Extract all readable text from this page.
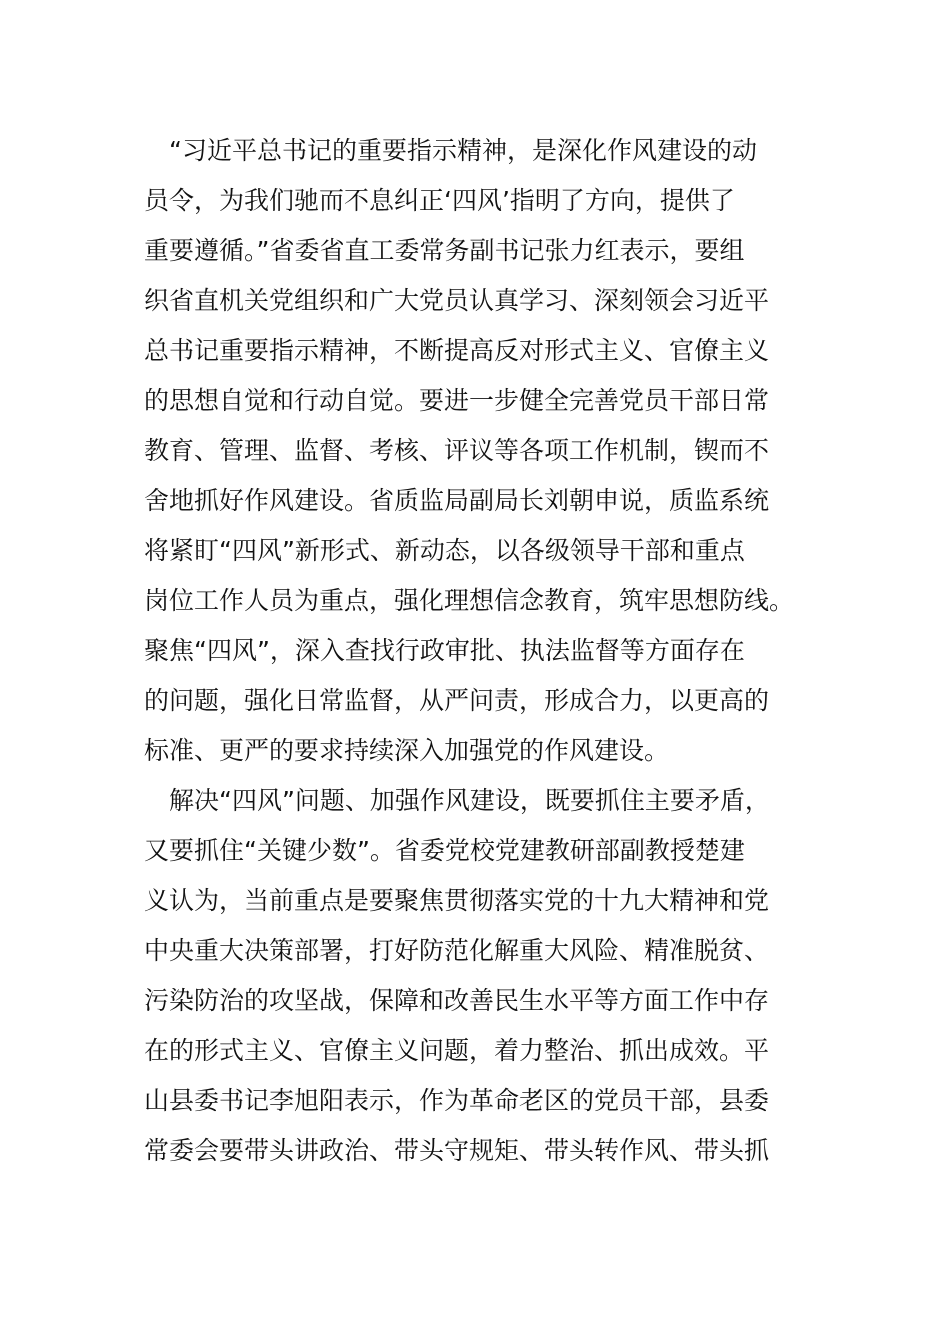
　“习近平总书记的重要指示精神，是深化作风建设的动
员令，为我们驰而不息纠正‘四风’指明了方向，提供了
重要遵循。”省委省直工委常务副书记张力红表示，要组
织省直机关党组织和广大党员认真学习、深刻领会习近平
总书记重要指示精神，不断提高反对形式主义、官僚主义
的思想自觉和行动自觉。要进一步健全完善党员干部日常
教育、管理、监督、考核、评议等各项工作机制，锲而不
舍地抓好作风建设。省质监局副局长刘朝申说，质监系统
将紧盯“四风”新形式、新动态，以各级领导干部和重点
岗位工作人员为重点，强化理想信念教育，筑牢思想防线。
聚焦“四风”，深入查找行政审批、执法监督等方面存在
的问题，强化日常监督，从严问责，形成合力，以更高的
标准、更严的要求持续深入加强党的作风建设。
　解决“四风”问题、加强作风建设，既要抓住主要矛盾，
又要抓住“关键少数”。省委党校党建教研部副教授楚建
义认为，当前重点是要聚焦贯彻落实党的十九大精神和党
中央重大决策部署，打好防范化解重大风险、精准脱贫、
污染防治的攻坚战，保障和改善民生水平等方面工作中存
在的形式主义、官僚主义问题，着力整治、抓出成效。平
山县委书记李旭阳表示，作为革命老区的党员干部，县委
常委会要带头讲政治、带头守规矩、带头转作风、带头抓
